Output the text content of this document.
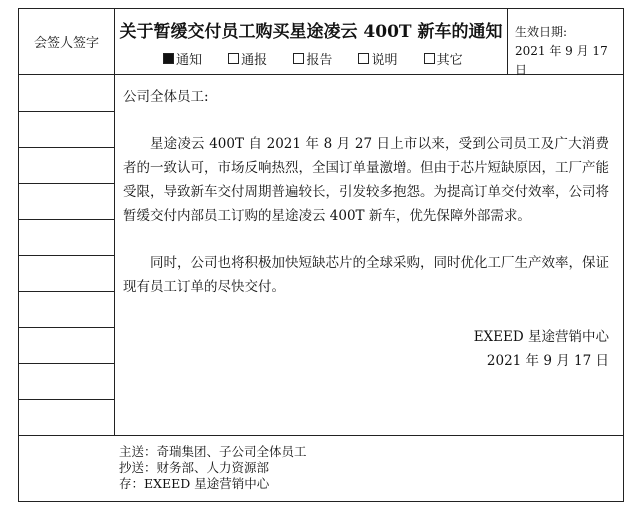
会签人签字
关于暂缓交付员工购买星途凌云 400T 新车的通知
通知	通报	报告	说明	其它
生效日期:
2021 年 9 月 17 日

公司全体员工:

星途凌云 400T 自 2021 年 8 月 27 日上市以来，受到公司员工及广大消费者的一致认可，市场反响热烈，全国订单量激增。但由于芯片短缺原因，工厂产能受限，导致新车交付周期普遍较长，引发较多抱怨。为提高订单交付效率，公司将暂缓交付内部员工订购的星途凌云 400T 新车，优先保障外部需求。

同时，公司也将积极加快短缺芯片的全球采购，同时优化工厂生产效率，保证现有员工订单的尽快交付。

EXEED 星途营销中心

2021 年 9 月 17 日

主送：奇瑞集团、子公司全体员工

抄送：财务部、人力资源部

存：EXEED 星途营销中心
